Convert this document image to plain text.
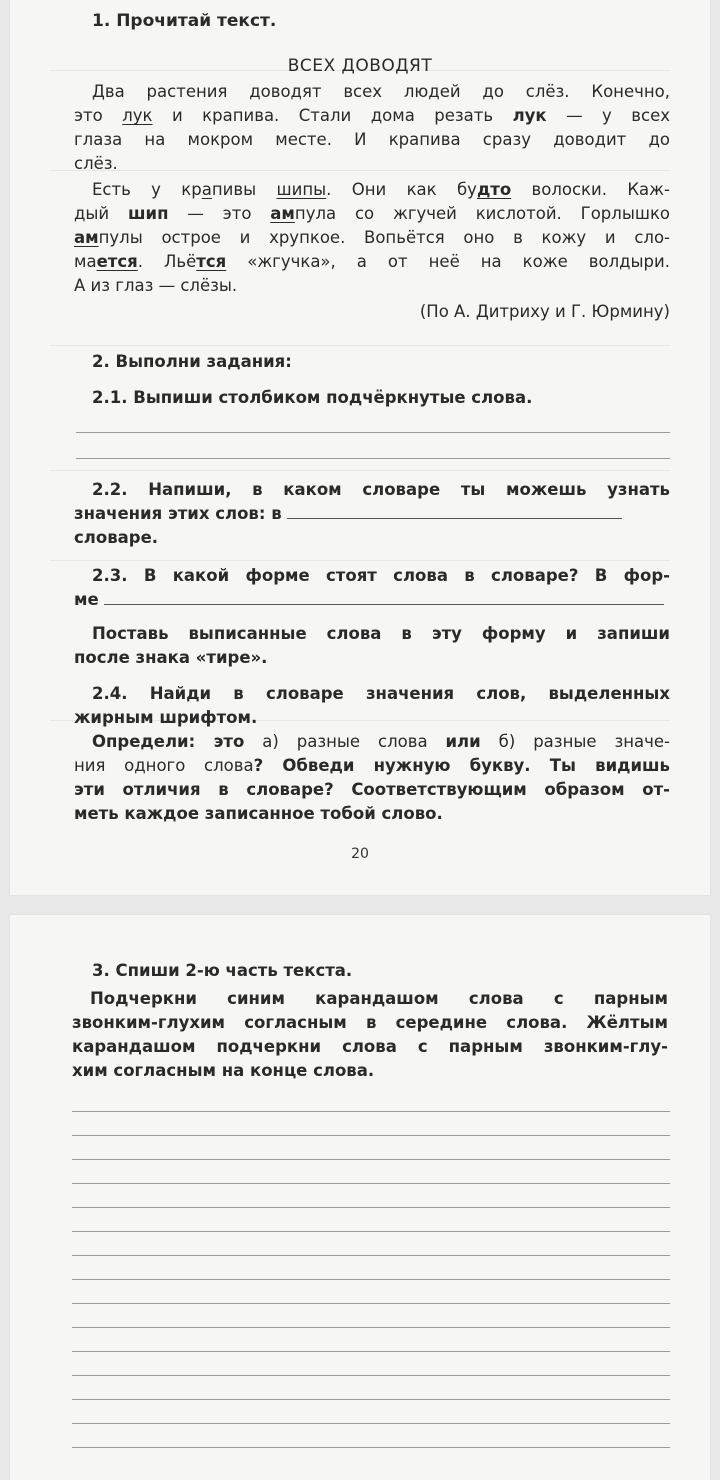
1. Прочитай текст.
ВСЕХ ДОВОДЯТ
Два растения доводят всех людей до слёз. Конечно,
это лук и крапива. Стали дома резать лук — у всех
глаза на мокром месте. И крапива сразу доводит до
слёз.
Есть у крапивы шипы. Они как будто волоски. Каж-
дый шип — это ампула со жгучей кислотой. Горлышко
ампулы острое и хрупкое. Вопьётся оно в кожу и сло-
мается. Льётся «жгучка», а от неё на коже волдыри.
А из глаз — слёзы.
(По А. Дитриху и Г. Юрмину)
2. Выполни задания:
2.1. Выпиши столбиком подчёркнутые слова.
2.2. Напиши, в каком словаре ты можешь узнать
значения этих слов: в
словаре.
2.3. В какой форме стоят слова в словаре? В фор-
ме
Поставь выписанные слова в эту форму и запиши
после знака «тире».
2.4. Найди в словаре значения слов, выделенных
жирным шрифтом.
Определи: это а) разные слова или б) разные значе-
ния одного слова? Обведи нужную букву. Ты видишь
эти отличия в словаре? Соответствующим образом от-
меть каждое записанное тобой слово.
20
3. Спиши 2-ю часть текста.
Подчеркни синим карандашом слова с парным
звонким-глухим согласным в середине слова. Жёлтым
карандашом подчеркни слова с парным звонким-глу-
хим согласным на конце слова.
